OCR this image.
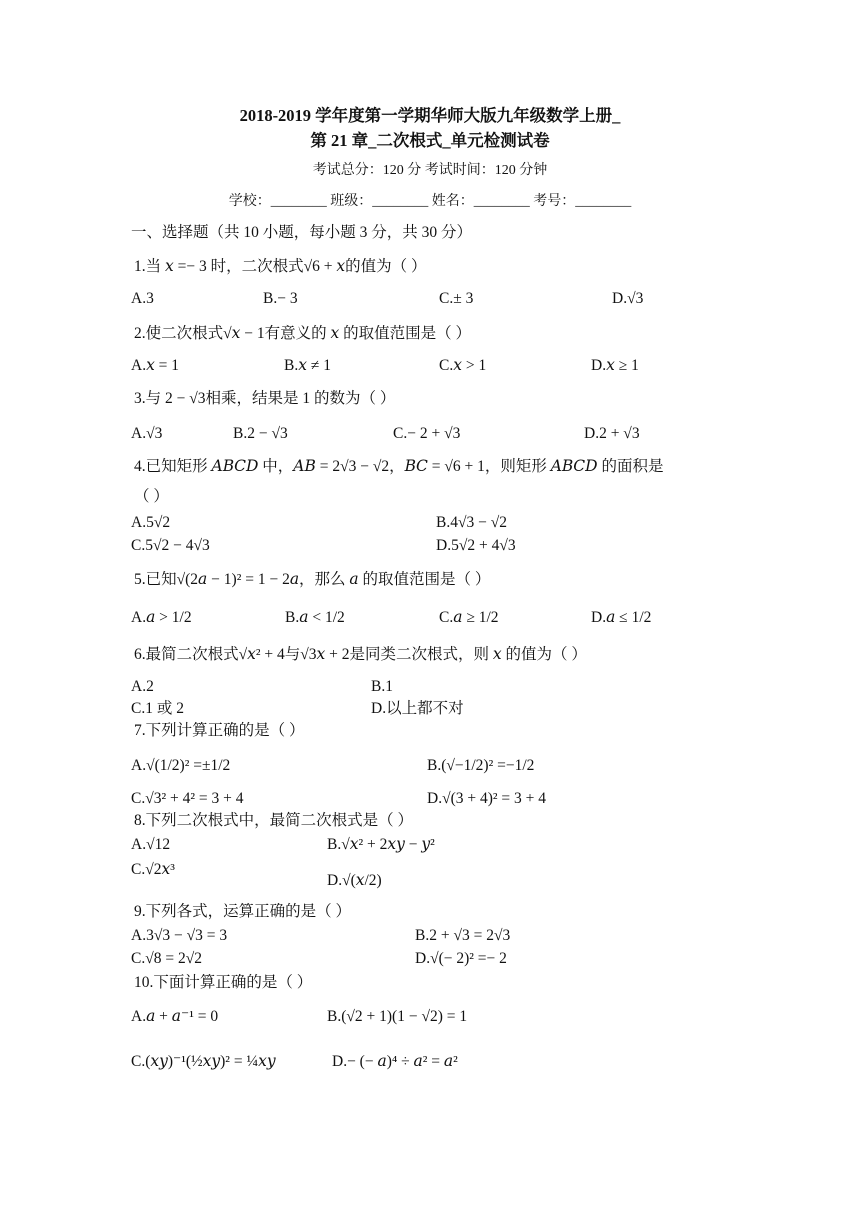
2018-2019 学年度第一学期华师大版九年级数学上册_
第 21 章_二次根式_单元检测试卷
考试总分：120 分 考试时间：120 分钟
学校：________ 班级：________ 姓名：________ 考号：________
一、选择题（共 10 小题，每小题 3 分，共 30 分）
1.当 𝑥 =− 3 时，二次根式√6 + 𝑥的值为（ ）
A.3	B.− 3	C.± 3	D.√3
2.使二次根式√𝑥 − 1有意义的 𝑥 的取值范围是（ ）
A.𝑥 = 1	B.𝑥 ≠ 1	C.𝑥 > 1	D.𝑥 ≥ 1
3.与 2 − √3相乘，结果是 1 的数为（ ）
A.√3	B.2 − √3	C.− 2 + √3	D.2 + √3
4.已知矩形 𝐴𝐵𝐶𝐷 中，𝐴𝐵 = 2√3 − √2，𝐵𝐶 = √6 + 1，则矩形 𝐴𝐵𝐶𝐷 的面积是
（ ）
A.5√2	B.4√3 − √2
C.5√2 − 4√3	D.5√2 + 4√3
5.已知√(2𝑎 − 1)² = 1 − 2𝑎，那么 𝑎 的取值范围是（ ）
A.𝑎 > 1/2	B.𝑎 < 1/2	C.𝑎 ≥ 1/2	D.𝑎 ≤ 1/2
6.最简二次根式√𝑥² + 4与√3𝑥 + 2是同类二次根式，则 𝑥 的值为（ ）
A.2	B.1
C.1 或 2	D.以上都不对
7.下列计算正确的是（ ）
A.√(1/2)² =±1/2	B.(√−1/2)² =−1/2
C.√3² + 4² = 3 + 4	D.√(3 + 4)² = 3 + 4
8.下列二次根式中，最简二次根式是（ ）
A.√12	B.√𝑥² + 2𝑥𝑦 − 𝑦²
C.√2𝑥³
D.√(𝑥/2)
9.下列各式，运算正确的是（ ）
A.3√3 − √3 = 3	B.2 + √3 = 2√3
C.√8 = 2√2	D.√(− 2)² =− 2
10.下面计算正确的是（ ）
A.𝑎 + 𝑎⁻¹ = 0	B.(√2 + 1)(1 − √2) = 1
C.(𝑥𝑦)⁻¹(½𝑥𝑦)² = ¼𝑥𝑦	D.− (− 𝑎)⁴ ÷ 𝑎² = 𝑎²
